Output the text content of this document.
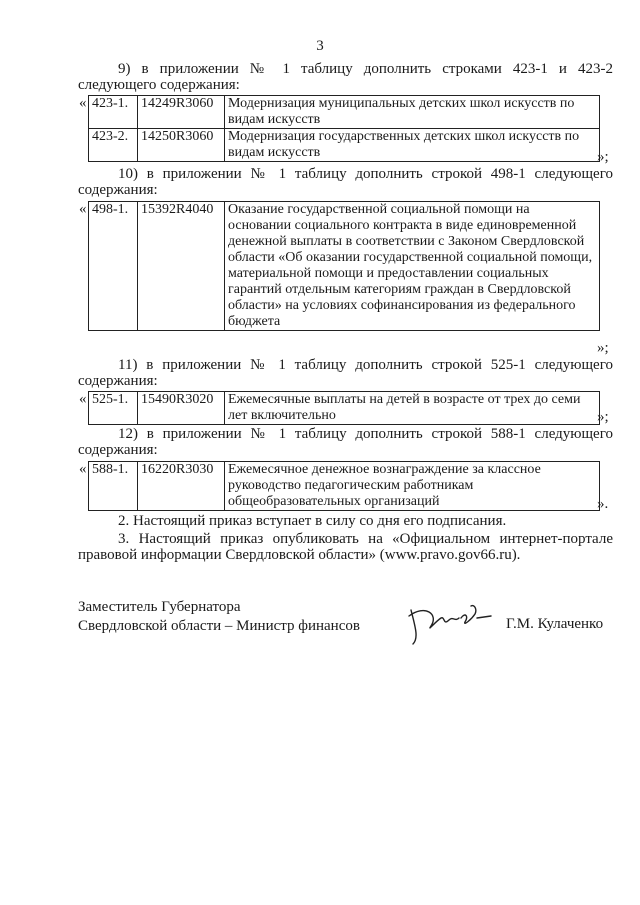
3
9) в приложении № 1 таблицу дополнить строками 423-1 и 423-2
следующего содержания:
« 423-1.	14249R3060	Модернизация муниципальных детских школ искусств по видам искусств
423-2.	14250R3060	Модернизация государственных детских школ искусств по видам искусств	»;
10) в приложении № 1 таблицу дополнить строкой 498-1 следующего
содержания:
« 498-1.	15392R4040	Оказание государственной социальной помощи на основании социального контракта в виде единовременной денежной выплаты в соответствии с Законом Свердловской области «Об оказании государственной социальной помощи, материальной помощи и предоставлении социальных гарантий отдельным категориям граждан в Свердловской области» на условиях софинансирования из федерального бюджета
»;
11) в приложении № 1 таблицу дополнить строкой 525-1 следующего
содержания:
« 525-1.	15490R3020	Ежемесячные выплаты на детей в возрасте от трех до семи лет включительно	»;
12) в приложении № 1 таблицу дополнить строкой 588-1 следующего
содержания:
« 588-1.	16220R3030	Ежемесячное денежное вознаграждение за классное руководство педагогическим работникам общеобразовательных организаций	».
2. Настоящий приказ вступает в силу со дня его подписания.
3. Настоящий приказ опубликовать на «Официальном интернет-портале
правовой информации Свердловской области» (www.pravo.gov66.ru).
Заместитель Губернатора
Свердловской области – Министр финансов	Г.М. Кулаченко
